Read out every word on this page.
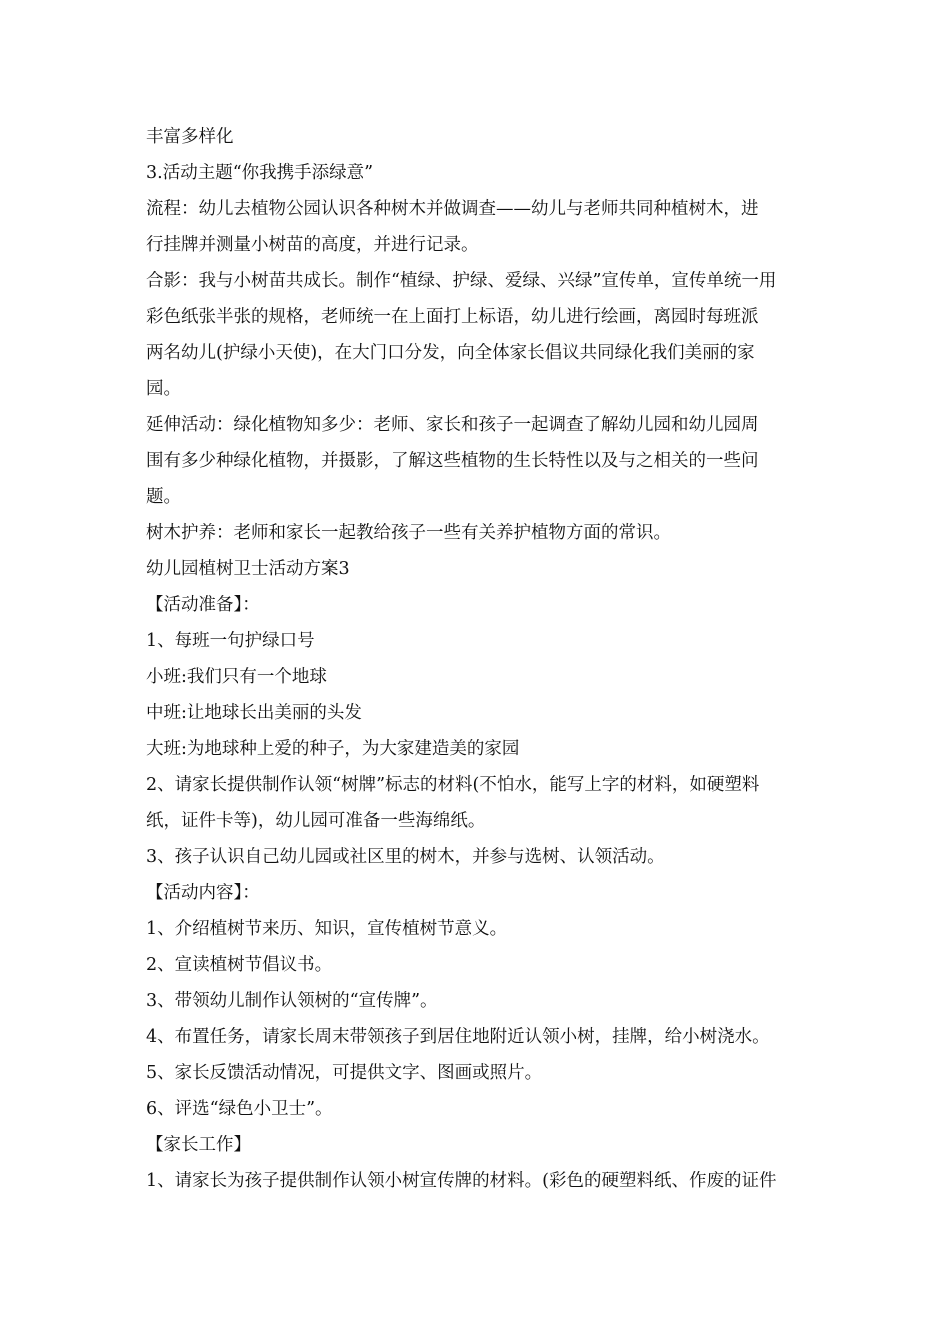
丰富多样化
3.活动主题“你我携手添绿意”
流程：幼儿去植物公园认识各种树木并做调查——幼儿与老师共同种植树木，进
行挂牌并测量小树苗的高度，并进行记录。
合影：我与小树苗共成长。制作“植绿、护绿、爱绿、兴绿”宣传单，宣传单统一用
彩色纸张半张的规格，老师统一在上面打上标语，幼儿进行绘画，离园时每班派
两名幼儿(护绿小天使)，在大门口分发，向全体家长倡议共同绿化我们美丽的家
园。
延伸活动：绿化植物知多少：老师、家长和孩子一起调查了解幼儿园和幼儿园周
围有多少种绿化植物，并摄影，了解这些植物的生长特性以及与之相关的一些问
题。
树木护养：老师和家长一起教给孩子一些有关养护植物方面的常识。
幼儿园植树卫士活动方案3
【活动准备】：
1、每班一句护绿口号
小班:我们只有一个地球
中班:让地球长出美丽的头发
大班:为地球种上爱的种子，为大家建造美的家园
2、请家长提供制作认领“树牌”标志的材料(不怕水，能写上字的材料，如硬塑料
纸，证件卡等)，幼儿园可准备一些海绵纸。
3、孩子认识自己幼儿园或社区里的树木，并参与选树、认领活动。
【活动内容】：
1、介绍植树节来历、知识，宣传植树节意义。
2、宣读植树节倡议书。
3、带领幼儿制作认领树的“宣传牌”。
4、布置任务，请家长周末带领孩子到居住地附近认领小树，挂牌，给小树浇水。
5、家长反馈活动情况，可提供文字、图画或照片。
6、评选“绿色小卫士”。
【家长工作】
1、请家长为孩子提供制作认领小树宣传牌的材料。(彩色的硬塑料纸、作废的证件
